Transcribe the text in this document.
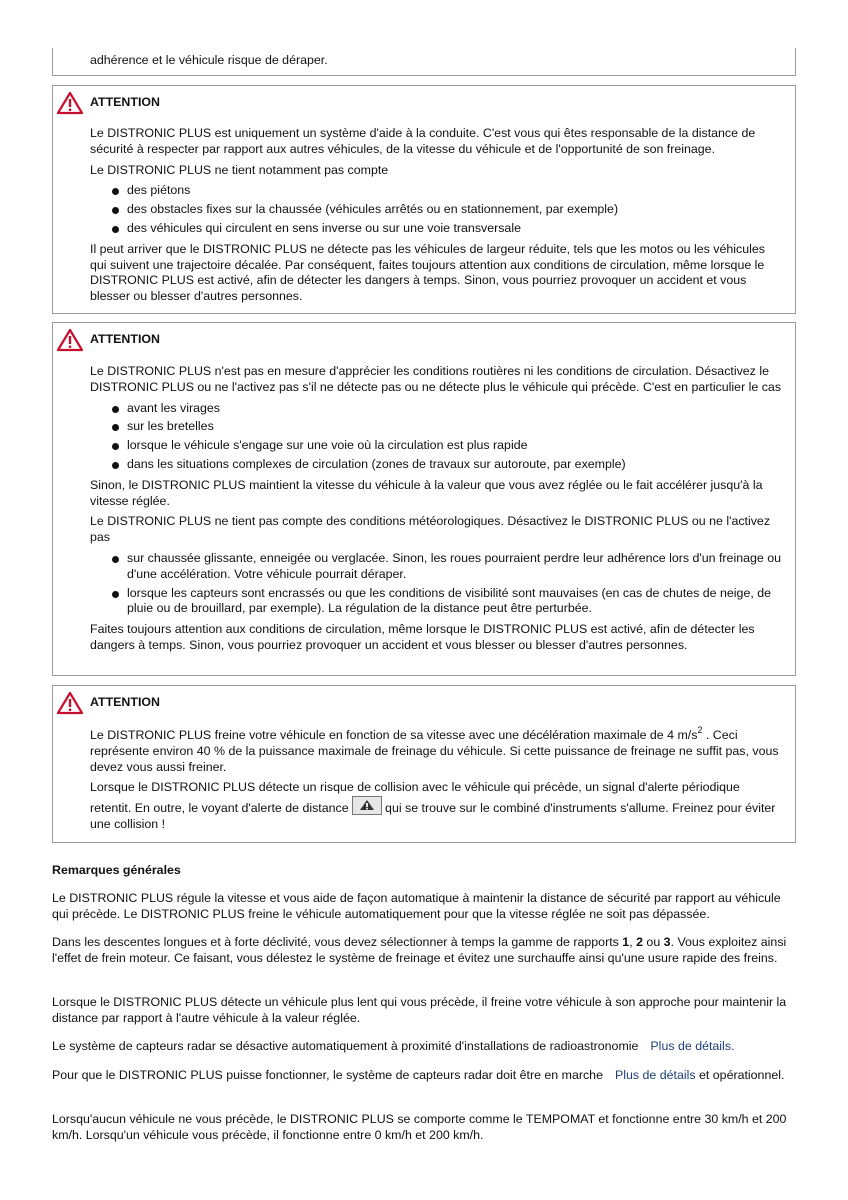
adhérence et le véhicule risque de déraper.
ATTENTION

Le DISTRONIC PLUS est uniquement un système d'aide à la conduite. C'est vous qui êtes responsable de la distance de sécurité à respecter par rapport aux autres véhicules, de la vitesse du véhicule et de l'opportunité de son freinage.

Le DISTRONIC PLUS ne tient notamment pas compte

des piétons
des obstacles fixes sur la chaussée (véhicules arrêtés ou en stationnement, par exemple)
des véhicules qui circulent en sens inverse ou sur une voie transversale

Il peut arriver que le DISTRONIC PLUS ne détecte pas les véhicules de largeur réduite, tels que les motos ou les véhicules qui suivent une trajectoire décalée. Par conséquent, faites toujours attention aux conditions de circulation, même lorsque le DISTRONIC PLUS est activé, afin de détecter les dangers à temps. Sinon, vous pourriez provoquer un accident et vous blesser ou blesser d'autres personnes.

ATTENTION

Le DISTRONIC PLUS n'est pas en mesure d'apprécier les conditions routières ni les conditions de circulation. Désactivez le DISTRONIC PLUS ou ne l'activez pas s'il ne détecte pas ou ne détecte plus le véhicule qui précède. C'est en particulier le cas

avant les virages
sur les bretelles
lorsque le véhicule s'engage sur une voie où la circulation est plus rapide
dans les situations complexes de circulation (zones de travaux sur autoroute, par exemple)

Sinon, le DISTRONIC PLUS maintient la vitesse du véhicule à la valeur que vous avez réglée ou le fait accélérer jusqu'à la vitesse réglée.

Le DISTRONIC PLUS ne tient pas compte des conditions météorologiques. Désactivez le DISTRONIC PLUS ou ne l'activez pas

sur chaussée glissante, enneigée ou verglacée. Sinon, les roues pourraient perdre leur adhérence lors d'un freinage ou d'une accélération. Votre véhicule pourrait déraper.
lorsque les capteurs sont encrassés ou que les conditions de visibilité sont mauvaises (en cas de chutes de neige, de pluie ou de brouillard, par exemple). La régulation de la distance peut être perturbée.

Faites toujours attention aux conditions de circulation, même lorsque le DISTRONIC PLUS est activé, afin de détecter les dangers à temps. Sinon, vous pourriez provoquer un accident et vous blesser ou blesser d'autres personnes.

ATTENTION

Le DISTRONIC PLUS freine votre véhicule en fonction de sa vitesse avec une décélération maximale de 4 $m/s^2$ . Ceci représente environ 40 % de la puissance maximale de freinage du véhicule. Si cette puissance de freinage ne suffit pas, vous devez vous aussi freiner.

Lorsque le DISTRONIC PLUS détecte un risque de collision avec le véhicule qui précède, un signal d'alerte périodique retentit. En outre, le voyant d'alerte de distance	qui se trouve sur le combiné d'instruments s'allume. Freinez pour éviter une collision !

Remarques générales

Le DISTRONIC PLUS régule la vitesse et vous aide de façon automatique à maintenir la distance de sécurité par rapport au véhicule qui précède. Le DISTRONIC PLUS freine le véhicule automatiquement pour que la vitesse réglée ne soit pas dépassée.

Dans les descentes longues et à forte déclivité, vous devez sélectionner à temps la gamme de rapports 1, 2 ou 3. Vous exploitez ainsi l'effet de frein moteur. Ce faisant, vous délestez le système de freinage et évitez une surchauffe ainsi qu'une usure rapide des freins.

Lorsque le DISTRONIC PLUS détecte un véhicule plus lent qui vous précède, il freine votre véhicule à son approche pour maintenir la distance par rapport à l'autre véhicule à la valeur réglée.

Le système de capteurs radar se désactive automatiquement à proximité d'installations de radioastronomie Plus de détails.

Pour que le DISTRONIC PLUS puisse fonctionner, le système de capteurs radar doit être en marche Plus de détails et opérationnel.

Lorsqu'aucun véhicule ne vous précède, le DISTRONIC PLUS se comporte comme le TEMPOMAT et fonctionne entre 30 km/h et 200 km/h. Lorsqu'un véhicule vous précède, il fonctionne entre 0 km/h et 200 km/h.
